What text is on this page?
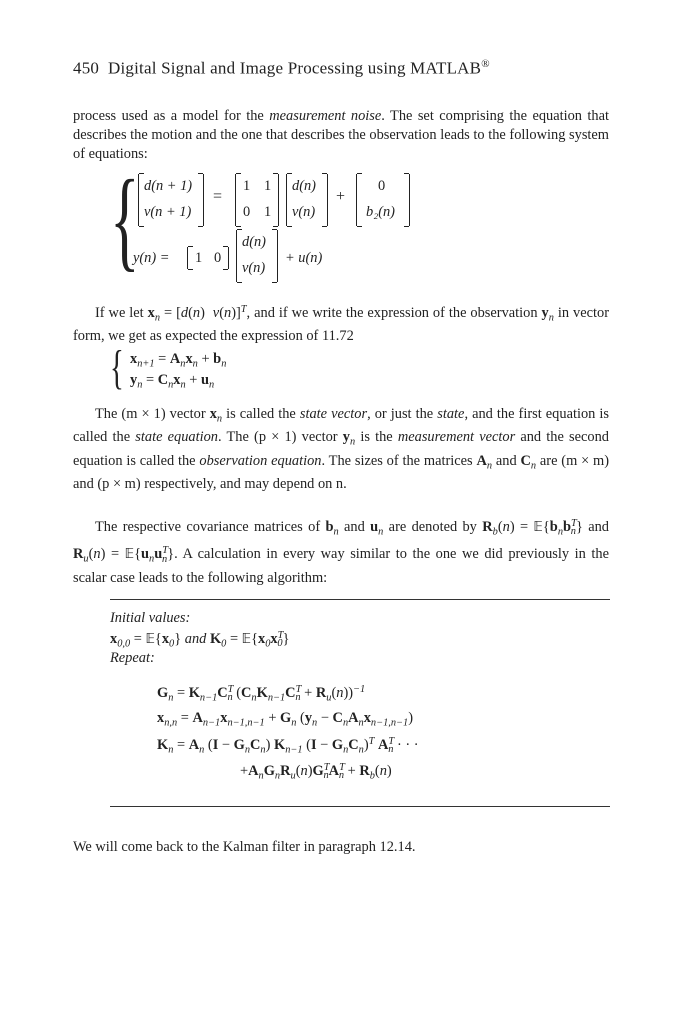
450 Digital Signal and Image Processing using MATLAB®

process used as a model for the measurement noise. The set comprising the equation that describes the motion and the one that describes the observation leads to the following system of equations:

{ d(n + 1)
v(n + 1)
=
1 1
0 1
d(n)
v(n)
+
0
b₂(n)
y(n) = 1 0
d(n)
v(n)
+ u(n)

If we let $x_n = [d(n)$  v(n)]$^T$, and if we write the expression of the observation $y_n$ in vector form, we get as expected the expression of 11.72

{ $x_{n+1} = A_nx_n + b_n$
$y_n = C_nx_n + u_n$

The (m × 1) vector $x_n$ is called the state vector, or just the state, and the first equation is called the state equation. The (p × 1) vector $y_n$ is the measurement vector and the second equation is called the observation equation. The sizes of the matrices $A_n$ and $C_n$ are (m × m) and (p × m) respectively, and may depend on n.

The respective covariance matrices of $b_n$ and $u_n$ are denoted by $R_b(n)$ = $𝔼\{b_nb^T_n\}$ and $R_u(n)$ = $𝔼\{u_nu^T_n\}$. A calculation in every way similar to the one we did previously in the scalar case leads to the following algorithm:

Initial values:
$x_{0,0}$ = $𝔼\{x_0\}$ and $K_0$ = $𝔼\{x_0x^T_0\}$
Repeat:
$G_n = K_{n-1}C^T_n$ $(C_nK_{n-1}C^T_n + R_u(n))^{-1}$
$x_{n,n} = A_{n-1}x_{n-1,n-1} + G_n$ $(y_n - C_nA_nx_{n-1,n-1})$
$K_n = A_n$ $(I - G_nC_n)$ $K_{n-1}$ $(I - G_nC_n)^T$ $A^T_n$ · · ·
$+A_nG_nR_u(n)G^T_nA^T_n + R_b(n)$

We will come back to the Kalman filter in paragraph 12.14.
